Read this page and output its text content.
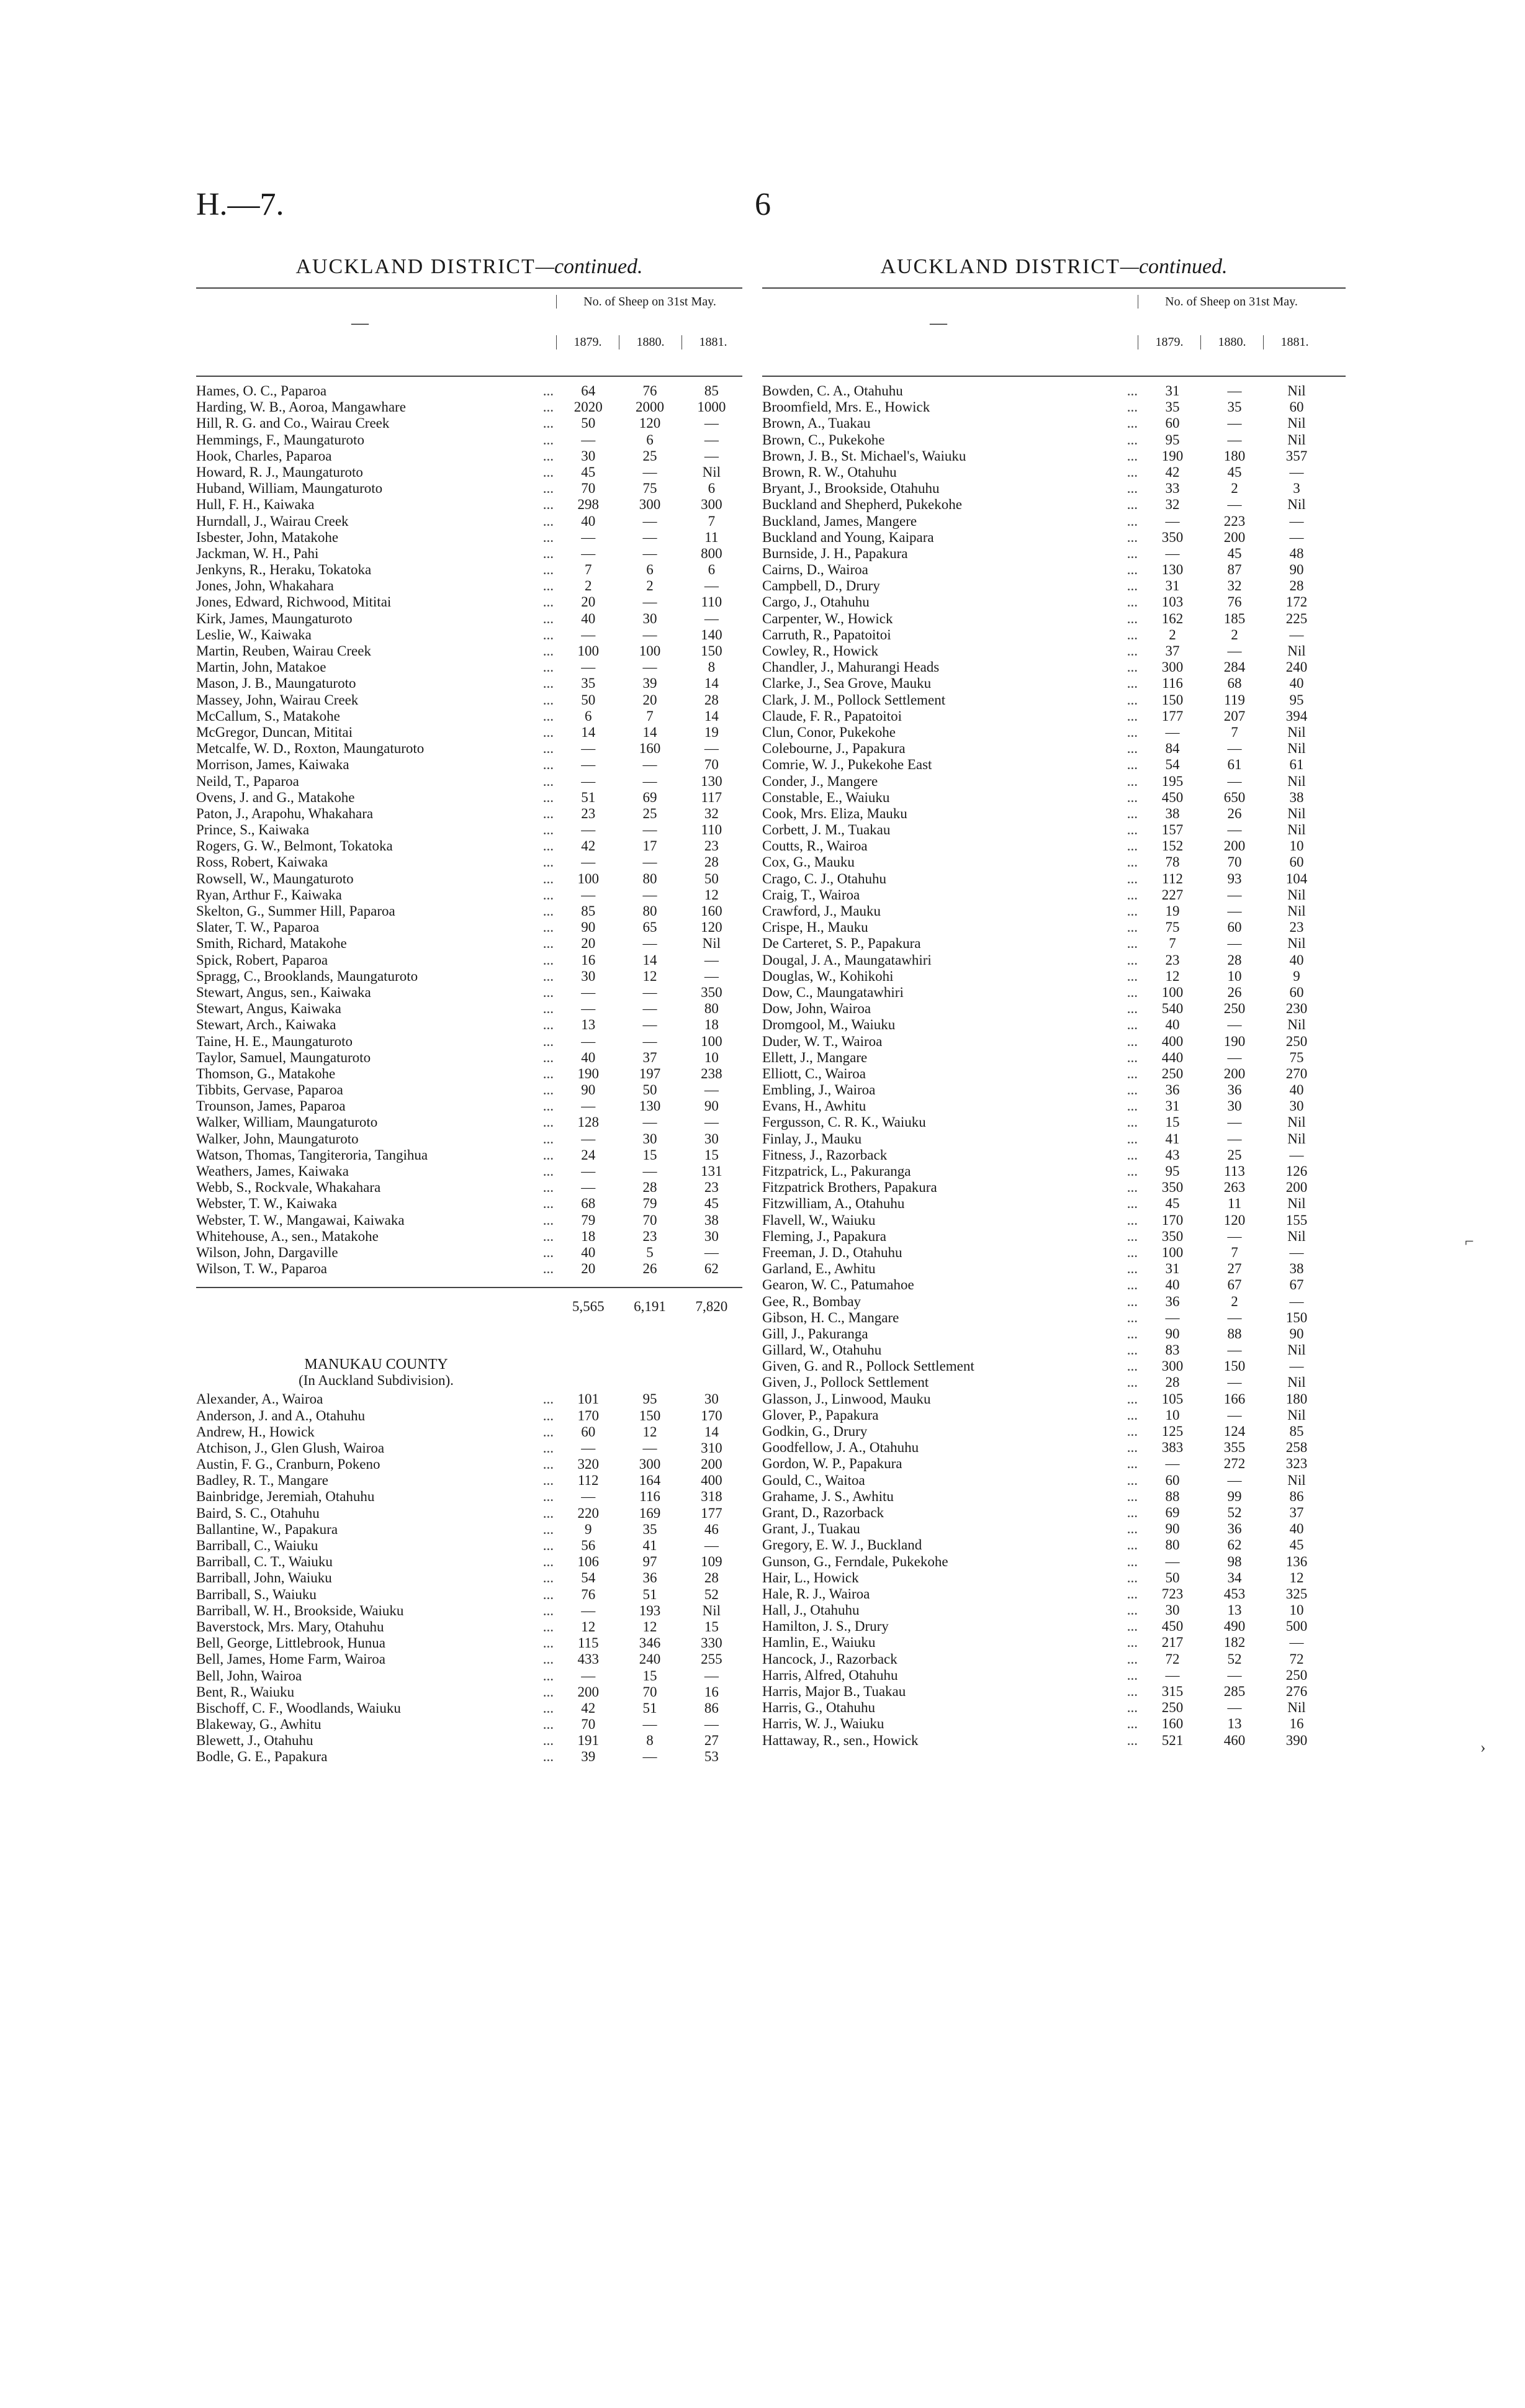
H.—7.	6
AUCKLAND DISTRICT—continued.
—
No. of Sheep on 31st May.
1879.	1880.	1881.
Hames, O. C., Paparoa	...	64	76	85
Harding, W. B., Aoroa, Mangawhare	...	2020	2000	1000
Hill, R. G. and Co., Wairau Creek	...	50	120	—
Hemmings, F., Maungaturoto	...	—	6	—
Hook, Charles, Paparoa	...	30	25	—
Howard, R. J., Maungaturoto	...	45	—	Nil
Huband, William, Maungaturoto	...	70	75	6
Hull, F. H., Kaiwaka	...	298	300	300
Hurndall, J., Wairau Creek	...	40	—	7
Isbester, John, Matakohe	...	—	—	11
Jackman, W. H., Pahi	...	—	—	800
Jenkyns, R., Heraku, Tokatoka	...	7	6	6
Jones, John, Whakahara	...	2	2	—
Jones, Edward, Richwood, Mititai	...	20	—	110
Kirk, James, Maungaturoto	...	40	30	—
Leslie, W., Kaiwaka	...	—	—	140
Martin, Reuben, Wairau Creek	...	100	100	150
Martin, John, Matakoe	...	—	—	8
Mason, J. B., Maungaturoto	...	35	39	14
Massey, John, Wairau Creek	...	50	20	28
McCallum, S., Matakohe	...	6	7	14
McGregor, Duncan, Mititai	...	14	14	19
Metcalfe, W. D., Roxton, Maungaturoto	...	—	160	—
Morrison, James, Kaiwaka	...	—	—	70
Neild, T., Paparoa	...	—	—	130
Ovens, J. and G., Matakohe	...	51	69	117
Paton, J., Arapohu, Whakahara	...	23	25	32
Prince, S., Kaiwaka	...	—	—	110
Rogers, G. W., Belmont, Tokatoka	...	42	17	23
Ross, Robert, Kaiwaka	...	—	—	28
Rowsell, W., Maungaturoto	...	100	80	50
Ryan, Arthur F., Kaiwaka	...	—	—	12
Skelton, G., Summer Hill, Paparoa	...	85	80	160
Slater, T. W., Paparoa	...	90	65	120
Smith, Richard, Matakohe	...	20	—	Nil
Spick, Robert, Paparoa	...	16	14	—
Spragg, C., Brooklands, Maungaturoto	...	30	12	—
Stewart, Angus, sen., Kaiwaka	...	—	—	350
Stewart, Angus, Kaiwaka	...	—	—	80
Stewart, Arch., Kaiwaka	...	13	—	18
Taine, H. E., Maungaturoto	...	—	—	100
Taylor, Samuel, Maungaturoto	...	40	37	10
Thomson, G., Matakohe	...	190	197	238
Tibbits, Gervase, Paparoa	...	90	50	—
Trounson, James, Paparoa	...	—	130	90
Walker, William, Maungaturoto	...	128	—	—
Walker, John, Maungaturoto	...	—	30	30
Watson, Thomas, Tangiteroria, Tangihua	...	24	15	15
Weathers, James, Kaiwaka	...	—	—	131
Webb, S., Rockvale, Whakahara	...	—	28	23
Webster, T. W., Kaiwaka	...	68	79	45
Webster, T. W., Mangawai, Kaiwaka	...	79	70	38
Whitehouse, A., sen., Matakohe	...	18	23	30
Wilson, John, Dargaville	...	40	5	—
Wilson, T. W., Paparoa	...	20	26	62
5,565	6,191	7,820
MANUKAU COUNTY
(In Auckland Subdivision).
Alexander, A., Wairoa	...	101	95	30
Anderson, J. and A., Otahuhu	...	170	150	170
Andrew, H., Howick	...	60	12	14
Atchison, J., Glen Glush, Wairoa	...	—	—	310
Austin, F. G., Cranburn, Pokeno	...	320	300	200
Badley, R. T., Mangare	...	112	164	400
Bainbridge, Jeremiah, Otahuhu	...	—	116	318
Baird, S. C., Otahuhu	...	220	169	177
Ballantine, W., Papakura	...	9	35	46
Barriball, C., Waiuku	...	56	41	—
Barriball, C. T., Waiuku	...	106	97	109
Barriball, John, Waiuku	...	54	36	28
Barriball, S., Waiuku	...	76	51	52
Barriball, W. H., Brookside, Waiuku	...	—	193	Nil
Baverstock, Mrs. Mary, Otahuhu	...	12	12	15
Bell, George, Littlebrook, Hunua	...	115	346	330
Bell, James, Home Farm, Wairoa	...	433	240	255
Bell, John, Wairoa	...	—	15	—
Bent, R., Waiuku	...	200	70	16
Bischoff, C. F., Woodlands, Waiuku	...	42	51	86
Blakeway, G., Awhitu	...	70	—	—
Blewett, J., Otahuhu	...	191	8	27
Bodle, G. E., Papakura	...	39	—	53
AUCKLAND DISTRICT—continued.
—
No. of Sheep on 31st May.
1879.	1880.	1881.
Bowden, C. A., Otahuhu	...	31	—	Nil
Broomfield, Mrs. E., Howick	...	35	35	60
Brown, A., Tuakau	...	60	—	Nil
Brown, C., Pukekohe	...	95	—	Nil
Brown, J. B., St. Michael's, Waiuku	...	190	180	357
Brown, R. W., Otahuhu	...	42	45	—
Bryant, J., Brookside, Otahuhu	...	33	2	3
Buckland and Shepherd, Pukekohe	...	32	—	Nil
Buckland, James, Mangere	...	—	223	—
Buckland and Young, Kaipara	...	350	200	—
Burnside, J. H., Papakura	...	—	45	48
Cairns, D., Wairoa	...	130	87	90
Campbell, D., Drury	...	31	32	28
Cargo, J., Otahuhu	...	103	76	172
Carpenter, W., Howick	...	162	185	225
Carruth, R., Papatoitoi	...	2	2	—
Cowley, R., Howick	...	37	—	Nil
Chandler, J., Mahurangi Heads	...	300	284	240
Clarke, J., Sea Grove, Mauku	...	116	68	40
Clark, J. M., Pollock Settlement	...	150	119	95
Claude, F. R., Papatoitoi	...	177	207	394
Clun, Conor, Pukekohe	...	—	7	Nil
Colebourne, J., Papakura	...	84	—	Nil
Comrie, W. J., Pukekohe East	...	54	61	61
Conder, J., Mangere	...	195	—	Nil
Constable, E., Waiuku	...	450	650	38
Cook, Mrs. Eliza, Mauku	...	38	26	Nil
Corbett, J. M., Tuakau	...	157	—	Nil
Coutts, R., Wairoa	...	152	200	10
Cox, G., Mauku	...	78	70	60
Crago, C. J., Otahuhu	...	112	93	104
Craig, T., Wairoa	...	227	—	Nil
Crawford, J., Mauku	...	19	—	Nil
Crispe, H., Mauku	...	75	60	23
De Carteret, S. P., Papakura	...	7	—	Nil
Dougal, J. A., Maungatawhiri	...	23	28	40
Douglas, W., Kohikohi	...	12	10	9
Dow, C., Maungatawhiri	...	100	26	60
Dow, John, Wairoa	...	540	250	230
Dromgool, M., Waiuku	...	40	—	Nil
Duder, W. T., Wairoa	...	400	190	250
Ellett, J., Mangare	...	440	—	75
Elliott, C., Wairoa	...	250	200	270
Embling, J., Wairoa	...	36	36	40
Evans, H., Awhitu	...	31	30	30
Fergusson, C. R. K., Waiuku	...	15	—	Nil
Finlay, J., Mauku	...	41	—	Nil
Fitness, J., Razorback	...	43	25	—
Fitzpatrick, L., Pakuranga	...	95	113	126
Fitzpatrick Brothers, Papakura	...	350	263	200
Fitzwilliam, A., Otahuhu	...	45	11	Nil
Flavell, W., Waiuku	...	170	120	155
Fleming, J., Papakura	...	350	—	Nil
Freeman, J. D., Otahuhu	...	100	7	—
Garland, E., Awhitu	...	31	27	38
Gearon, W. C., Patumahoe	...	40	67	67
Gee, R., Bombay	...	36	2	—
Gibson, H. C., Mangare	...	—	—	150
Gill, J., Pakuranga	...	90	88	90
Gillard, W., Otahuhu	...	83	—	Nil
Given, G. and R., Pollock Settlement	...	300	150	—
Given, J., Pollock Settlement	...	28	—	Nil
Glasson, J., Linwood, Mauku	...	105	166	180
Glover, P., Papakura	...	10	—	Nil
Godkin, G., Drury	...	125	124	85
Goodfellow, J. A., Otahuhu	...	383	355	258
Gordon, W. P., Papakura	...	—	272	323
Gould, C., Waitoa	...	60	—	Nil
Grahame, J. S., Awhitu	...	88	99	86
Grant, D., Razorback	...	69	52	37
Grant, J., Tuakau	...	90	36	40
Gregory, E. W. J., Buckland	...	80	62	45
Gunson, G., Ferndale, Pukekohe	...	—	98	136
Hair, L., Howick	...	50	34	12
Hale, R. J., Wairoa	...	723	453	325
Hall, J., Otahuhu	...	30	13	10
Hamilton, J. S., Drury	...	450	490	500
Hamlin, E., Waiuku	...	217	182	—
Hancock, J., Razorback	...	72	52	72
Harris, Alfred, Otahuhu	...	—	—	250
Harris, Major B., Tuakau	...	315	285	276
Harris, G., Otahuhu	...	250	—	Nil
Harris, W. J., Waiuku	...	160	13	16
Hattaway, R., sen., Howick	...	521	460	390
⌐
›
